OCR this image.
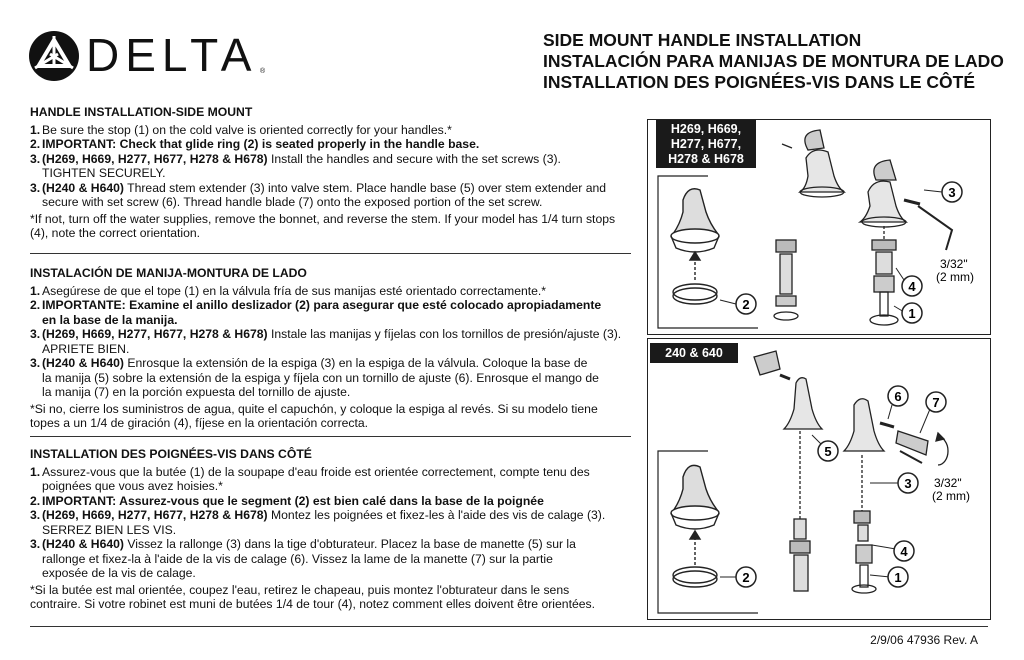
DELTA ®
SIDE MOUNT HANDLE INSTALLATION
INSTALACIÓN PARA MANIJAS DE MONTURA DE LADO
INSTALLATION DES POIGNÉES-VIS DANS LE CÔTÉ
HANDLE INSTALLATION-SIDE MOUNT
1. Be sure the stop (1) on the cold valve is oriented correctly for your handles.*
2. IMPORTANT: Check that glide ring (2) is seated properly in the handle base.
3. (H269, H669, H277, H677, H278 & H678) Install the handles and secure with the set screws (3).
TIGHTEN SECURELY.
3. (H240 & H640) Thread stem extender (3) into valve stem. Place handle base (5) over stem extender and
secure with set screw (6). Thread handle blade (7) onto the exposed portion of the set screw.
*If not, turn off the water supplies, remove the bonnet, and reverse the stem. If your model has 1/4 turn stops
(4), note the correct orientation.
INSTALACIÓN DE MANIJA-MONTURA DE LADO
1. Asegúrese de que el tope (1) en la válvula fría de sus manijas esté orientado correctamente.*
2. IMPORTANTE: Examine el anillo deslizador (2) para asegurar que esté colocado apropiadamente
en la base de la manija.
3. (H269, H669, H277, H677, H278 & H678) Instale las manijas y fíjelas con los tornillos de presión/ajuste (3).
APRIETE BIEN.
3. (H240 & H640) Enrosque la extensión de la espiga (3) en la espiga de la válvula. Coloque la base de
la manija (5) sobre la extensión de la espiga y fíjela con un tornillo de ajuste (6). Enrosque el mango de
la manija (7) en la porción expuesta del tornillo de ajuste.
*Si no, cierre los suministros de agua, quite el capuchón, y coloque la espiga al revés. Si su modelo tiene
topes a un 1/4 de giración (4), fíjese en la orientación correcta.
INSTALLATION DES POIGNÉES-VIS DANS CÔTÉ
1. Assurez-vous que la butée (1) de la soupape d'eau froide est orientée correctement, compte tenu des
poignées que vous avez hoisies.*
2. IMPORTANT: Assurez-vous que le segment (2) est bien calé dans la base de la poignée
3. (H269, H669, H277, H677, H278 & H678) Montez les poignées et fixez-les à l'aide des vis de calage (3).
SERREZ BIEN LES VIS.
3. (H240 & H640) Vissez la rallonge (3) dans la tige d'obturateur. Placez la base de manette (5) sur la
rallonge et fixez-la à l'aide de la vis de calage (6). Vissez la lame de la manette (7) sur la partie
exposée de la vis de calage.
*Si la butée est mal orientée, coupez l'eau, retirez le chapeau, puis montez l'obturateur dans le sens
contraire. Si votre robinet est muni de butées 1/4 de tour (4), notez comment elles doivent être orientées.
H269, H669,
H277, H677,
H278 & H678
3
4
1
2
3/32"
(2 mm)
240 & 640
6 7
5
3
4
1
2
3/32"
(2 mm)
2/9/06 47936 Rev. A
